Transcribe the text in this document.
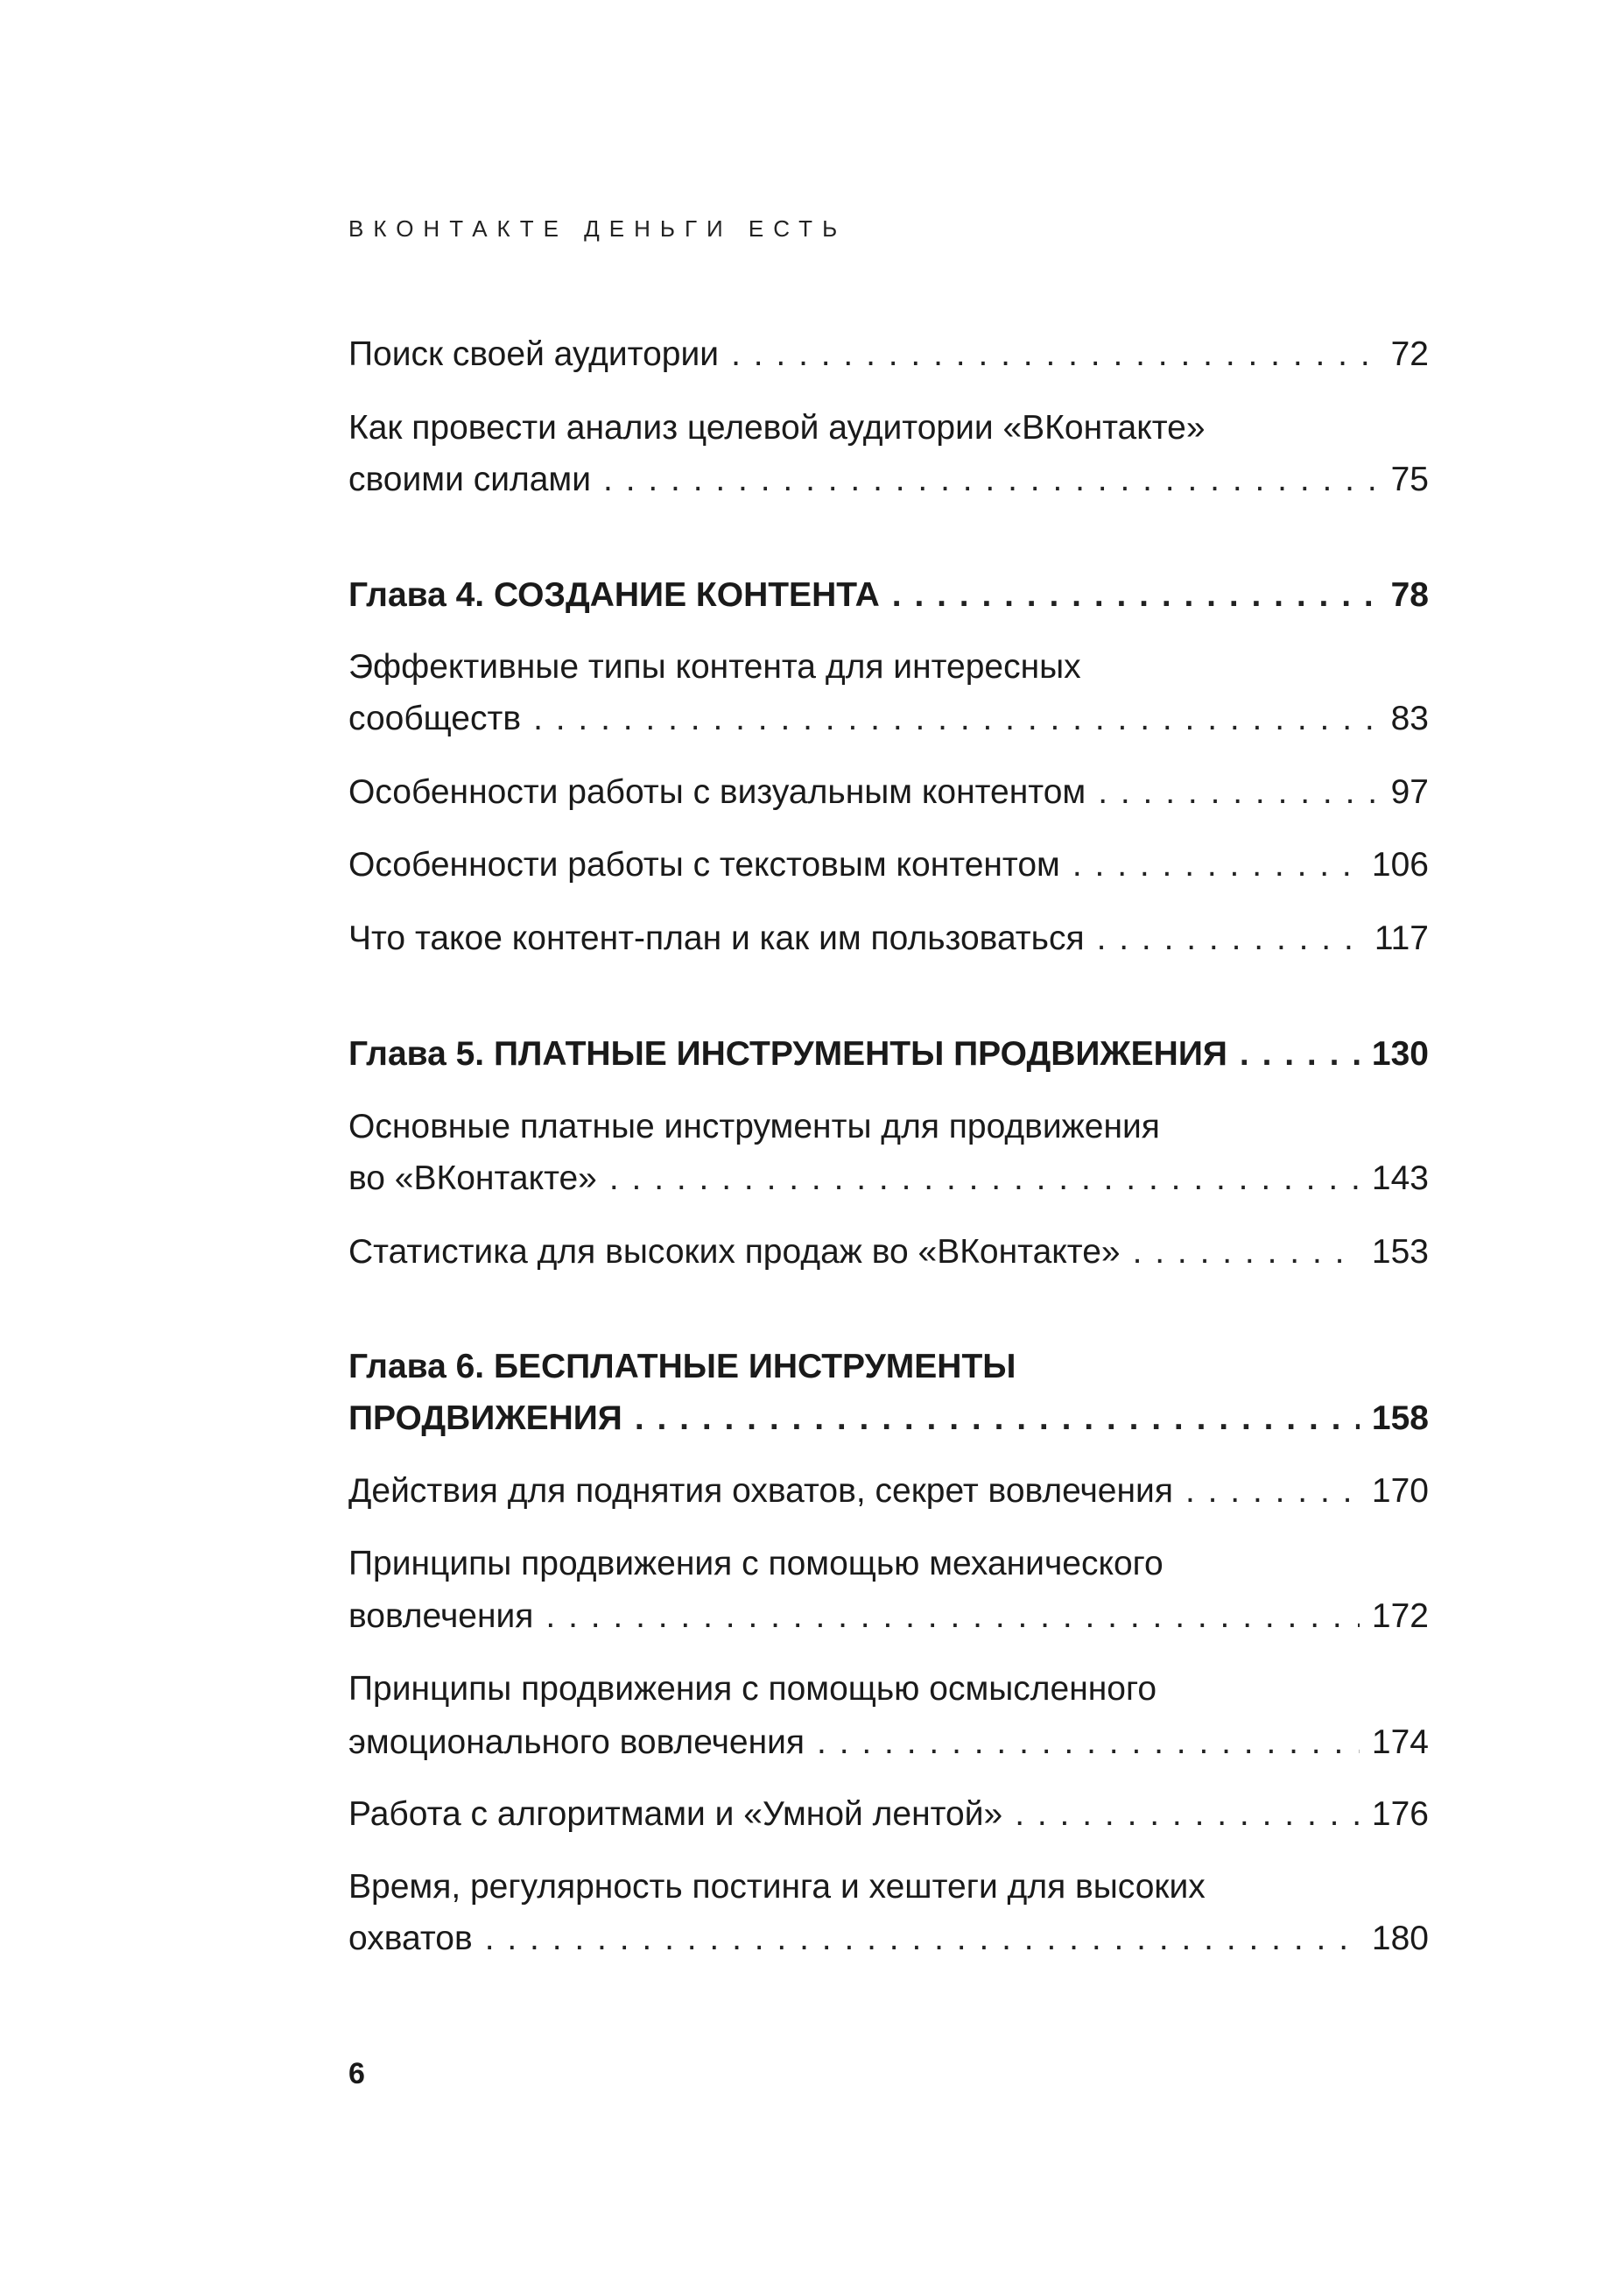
ВКОНТАКТЕ ДЕНЬГИ ЕСТЬ
Поиск своей аудитории . . .	72
Как провести анализ целевой аудитории «ВКонтакте»
своими силами . . .	75
Глава 4. СОЗДАНИЕ КОНТЕНТА . . .	78
Эффективные типы контента для интересных
сообществ . . .	83
Особенности работы с визуальным контентом . . .	97
Особенности работы с текстовым контентом . . .	106
Что такое контент-план и как им пользоваться . . .	117
Глава 5. ПЛАТНЫЕ ИНСТРУМЕНТЫ ПРОДВИЖЕНИЯ . . .	130
Основные платные инструменты для продвижения
во «ВКонтакте» . . .	143
Статистика для высоких продаж во «ВКонтакте» . . .	153
Глава 6. БЕСПЛАТНЫЕ ИНСТРУМЕНТЫ
ПРОДВИЖЕНИЯ . . .	158
Действия для поднятия охватов, секрет вовлечения . . .	170
Принципы продвижения с помощью механического
вовлечения . . .	172
Принципы продвижения с помощью осмысленного
эмоционального вовлечения . . .	174
Работа с алгоритмами и «Умной лентой» . . .	176
Время, регулярность постинга и хештеги для высоких
охватов . . .	180
6
